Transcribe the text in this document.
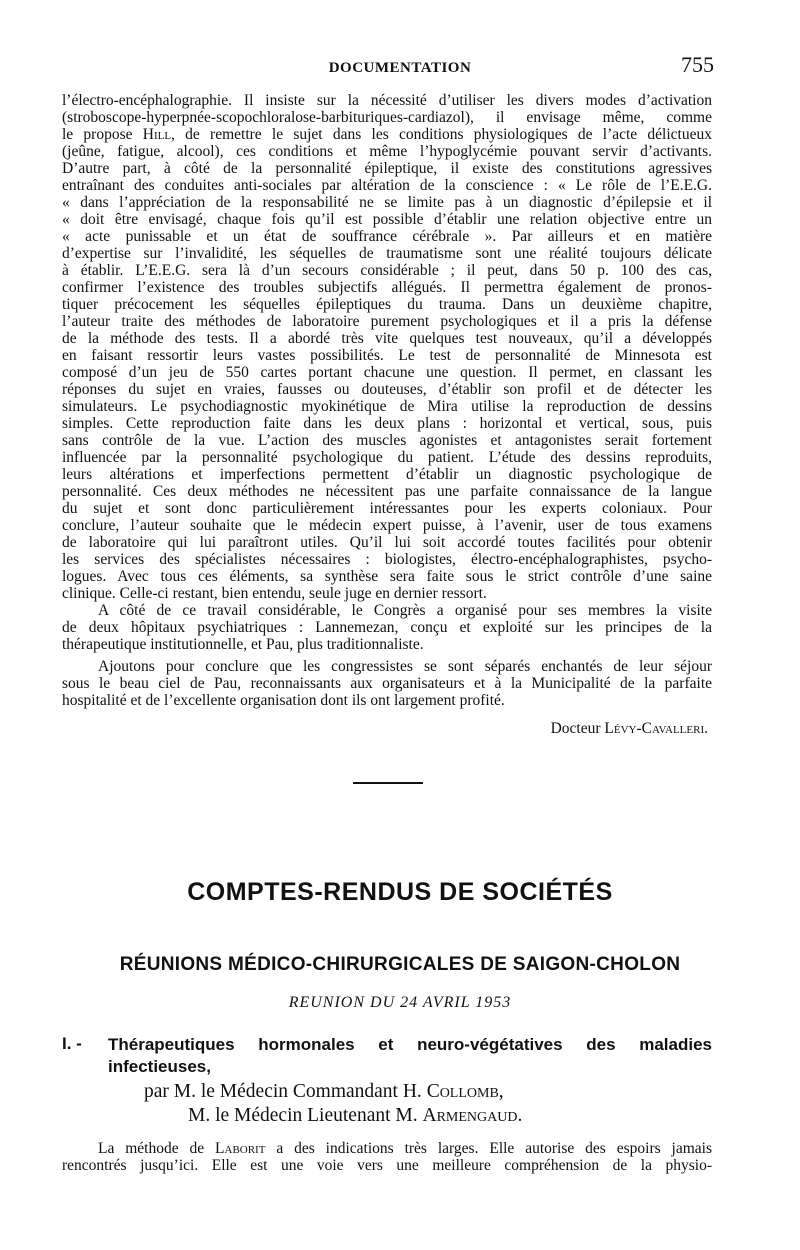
DOCUMENTATION	755
l’électro-encéphalographie. Il insiste sur la nécessité d’utiliser les divers modes d’activation
(stroboscope-hyperpnée-scopochloralose-barbituriques-cardiazol), il envisage même, comme
le propose Hill, de remettre le sujet dans les conditions physiologiques de l’acte délictueux
(jeûne, fatigue, alcool), ces conditions et même l’hypoglycémie pouvant servir d’activants.
D’autre part, à côté de la personnalité épileptique, il existe des constitutions agressives
entraînant des conduites anti-sociales par altération de la conscience : « Le rôle de l’E.E.G.
« dans l’appréciation de la responsabilité ne se limite pas à un diagnostic d’épilepsie et il
« doit être envisagé, chaque fois qu’il est possible d’établir une relation objective entre un
« acte punissable et un état de souffrance cérébrale ». Par ailleurs et en matière
d’expertise sur l’invalidité, les séquelles de traumatisme sont une réalité toujours délicate
à établir. L’E.E.G. sera là d’un secours considérable ; il peut, dans 50 p. 100 des cas,
confirmer l’existence des troubles subjectifs allégués. Il permettra également de pronos-
tiquer précocement les séquelles épileptiques du trauma. Dans un deuxième chapitre,
l’auteur traite des méthodes de laboratoire purement psychologiques et il a pris la défense
de la méthode des tests. Il a abordé très vite quelques test nouveaux, qu’il a développés
en faisant ressortir leurs vastes possibilités. Le test de personnalité de Minnesota est
composé d’un jeu de 550 cartes portant chacune une question. Il permet, en classant les
réponses du sujet en vraies, fausses ou douteuses, d’établir son profil et de détecter les
simulateurs. Le psychodiagnostic myokinétique de Mira utilise la reproduction de dessins
simples. Cette reproduction faite dans les deux plans : horizontal et vertical, sous, puis
sans contrôle de la vue. L’action des muscles agonistes et antagonistes serait fortement
influencée par la personnalité psychologique du patient. L’étude des dessins reproduits,
leurs altérations et imperfections permettent d’établir un diagnostic psychologique de
personnalité. Ces deux méthodes ne nécessitent pas une parfaite connaissance de la langue
du sujet et sont donc particulièrement intéressantes pour les experts coloniaux. Pour
conclure, l’auteur souhaite que le médecin expert puisse, à l’avenir, user de tous examens
de laboratoire qui lui paraîtront utiles. Qu’il lui soit accordé toutes facilités pour obtenir
les services des spécialistes nécessaires : biologistes, électro-encéphalographistes, psycho-
logues. Avec tous ces éléments, sa synthèse sera faite sous le strict contrôle d’une saine
clinique. Celle-ci restant, bien entendu, seule juge en dernier ressort.
A côté de ce travail considérable, le Congrès a organisé pour ses membres la visite
de deux hôpitaux psychiatriques : Lannemezan, conçu et exploité sur les principes de la
thérapeutique institutionnelle, et Pau, plus traditionnaliste.
Ajoutons pour conclure que les congressistes se sont séparés enchantés de leur séjour
sous le beau ciel de Pau, reconnaissants aux organisateurs et à la Municipalité de la parfaite
hospitalité et de l’excellente organisation dont ils ont largement profité.
Docteur Lévy-Cavalleri.
COMPTES-RENDUS DE SOCIÉTÉS
RÉUNIONS MÉDICO-CHIRURGICALES DE SAIGON-CHOLON
REUNION DU 24 AVRIL 1953
I. - Thérapeutiques hormonales et neuro-végétatives des maladies
infectieuses,
par M. le Médecin Commandant H. Collomb,
M. le Médecin Lieutenant M. Armengaud.
La méthode de Laborit a des indications très larges. Elle autorise des espoirs jamais
rencontrés jusqu’ici. Elle est une voie vers une meilleure compréhension de la physio-
